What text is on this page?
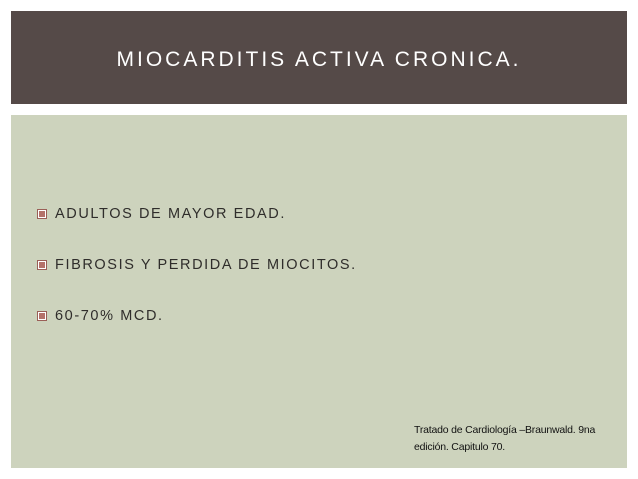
MIOCARDITIS ACTIVA CRONICA.
ADULTOS DE MAYOR EDAD.
FIBROSIS Y PERDIDA DE MIOCITOS.
60-70% MCD.
Tratado de Cardiología –Braunwald. 9na
edición. Capitulo 70.
